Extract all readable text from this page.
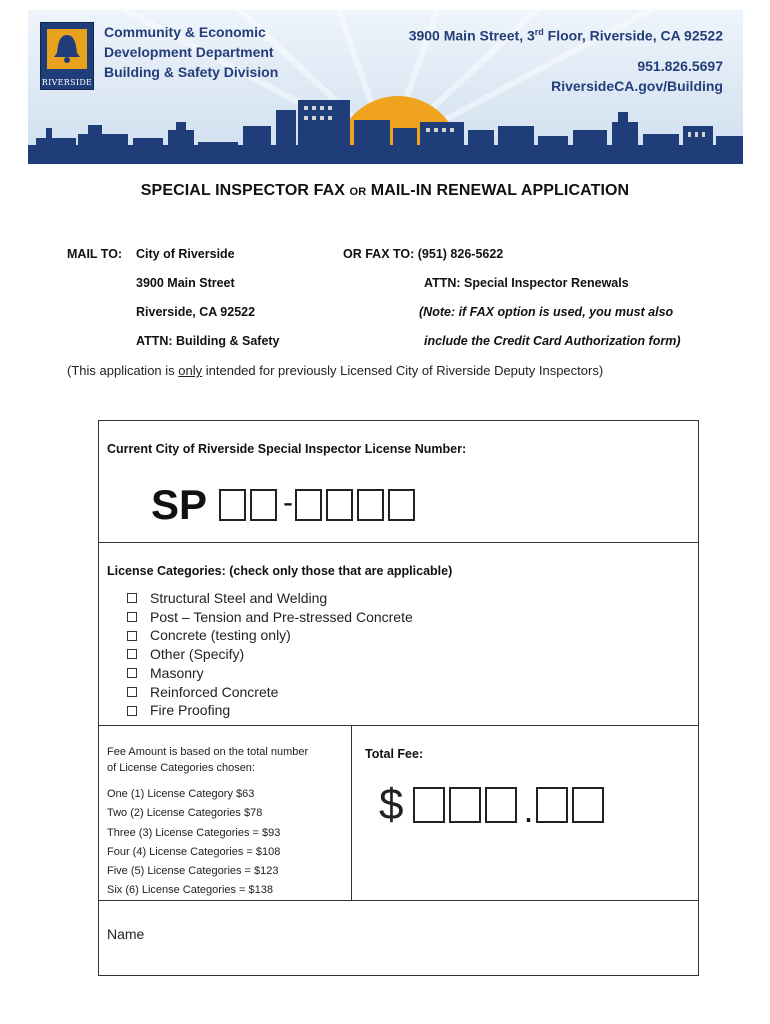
RIVERSIDE
Community & Economic
Development Department
Building & Safety Division
3900 Main Street, 3rd Floor, Riverside, CA 92522
951.826.5697
RiversideCA.gov/Building
SPECIAL INSPECTOR FAX OR MAIL-IN RENEWAL APPLICATION
MAIL TO: City of Riverside
3900 Main Street
Riverside, CA 92522
ATTN: Building & Safety
OR FAX TO: (951) 826-5622
ATTN: Special Inspector Renewals
(Note: if FAX option is used, you must also
include the Credit Card Authorization form)
(This application is only intended for previously Licensed City of Riverside Deputy Inspectors)
Current City of Riverside Special Inspector License Number:
SP	-
License Categories: (check only those that are applicable)
Structural Steel and Welding
Post – Tension and Pre-stressed Concrete
Concrete (testing only)
Other (Specify)
Masonry
Reinforced Concrete
Fire Proofing
Fee Amount is based on the total number
of License Categories chosen:
One (1) License Category $63
Two (2) License Categories $78
Three (3) License Categories = $93
Four (4) License Categories = $108
Five (5) License Categories = $123
Six (6) License Categories = $138
Total Fee:
$	.
Name
